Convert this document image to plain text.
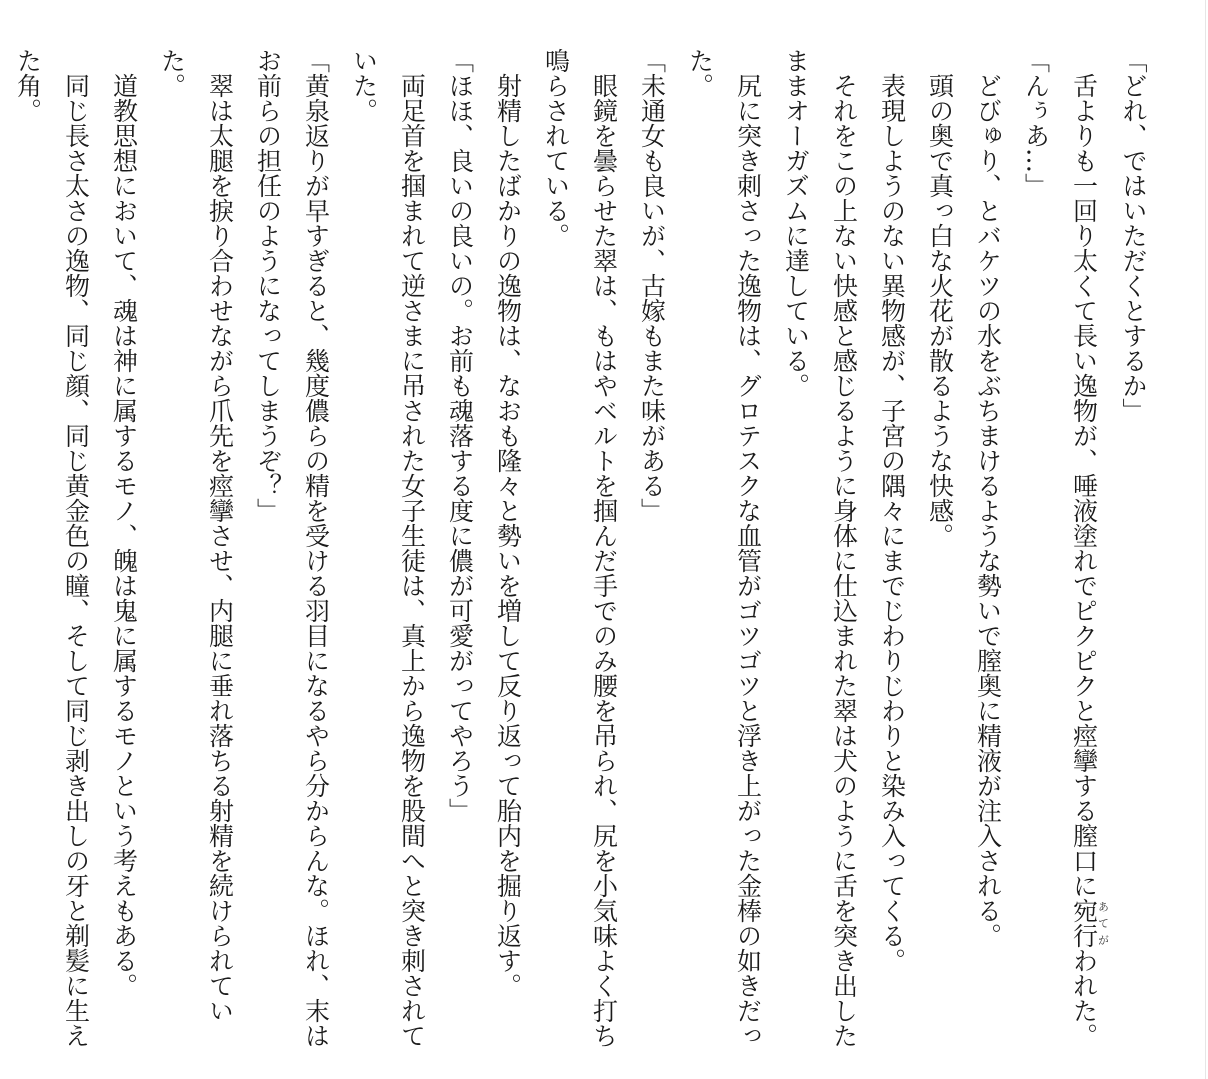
「どれ、ではいただくとするか」

　舌よりも一回り太くて長い逸物が、唾液塗れでピクピクと痙攣する膣口に宛行あてがわれた。

「んぅあ…」

　どびゅり、とバケツの水をぶちまけるような勢いで膣奥に精液が注入される。

　頭の奥で真っ白な火花が散るような快感。

　表現しようのない異物感が、子宮の隅々にまでじわりじわりと染み入ってくる。

　それをこの上ない快感と感じるように身体に仕込まれた翠は犬のように舌を突き出したままオーガズムに達している。

　尻に突き刺さった逸物は、グロテスクな血管がゴツゴツと浮き上がった金棒の如きだった。

「未通女も良いが、古嫁もまた味がある」

　眼鏡を曇らせた翠は、もはやベルトを掴んだ手でのみ腰を吊られ、尻を小気味よく打ち鳴らされている。

　射精したばかりの逸物は、なおも隆々と勢いを増して反り返って胎内を掘り返す。

「ほほ、良いの良いの。お前も魂落する度に儂が可愛がってやろう」

　両足首を掴まれて逆さまに吊された女子生徒は、真上から逸物を股間へと突き刺されていた。

「黄泉返りが早すぎると、幾度儂らの精を受ける羽目になるやら分からんな。ほれ、末はお前らの担任のようになってしまうぞ？」

　翠は太腿を捩り合わせながら爪先を痙攣させ、内腿に垂れ落ちる射精を続けられていた。

　道教思想において、魂は神に属するモノ、魄は鬼に属するモノという考えもある。

　同じ長さ太さの逸物、同じ顔、同じ黄金色の瞳、そして同じ剥き出しの牙と剃髪に生えた角。
